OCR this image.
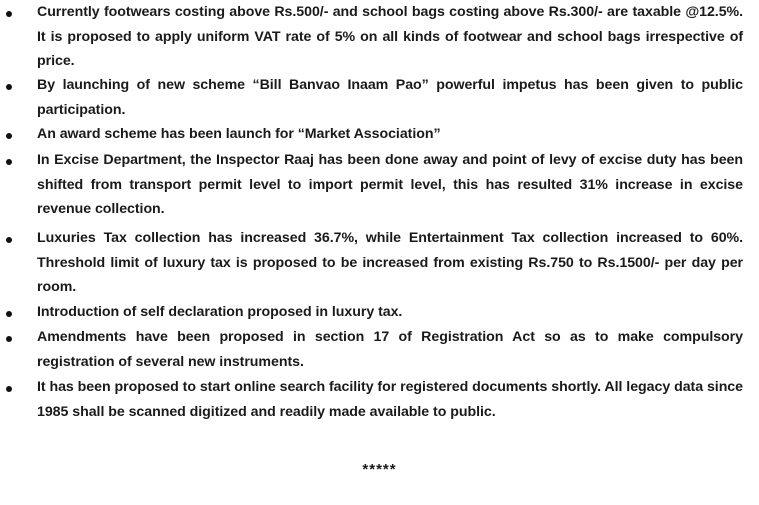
Currently footwears costing above Rs.500/- and school bags costing above Rs.300/- are taxable @12.5%. It is proposed to apply uniform VAT rate of 5% on all kinds of footwear and school bags irrespective of price.
By launching of new scheme “Bill Banvao Inaam Pao” powerful impetus has been given to public participation.
An award scheme has been launch for “Market Association”
In Excise Department, the Inspector Raaj has been done away and point of levy of excise duty has been shifted from transport permit level to import permit level, this has resulted 31% increase in excise revenue collection.
Luxuries Tax collection has increased 36.7%, while Entertainment Tax collection increased to 60%. Threshold limit of luxury tax is proposed to be increased from existing Rs.750 to Rs.1500/- per day per room.
Introduction of self declaration proposed in luxury tax.
Amendments have been proposed in section 17 of Registration Act so as to make compulsory registration of several new instruments.
It has been proposed to start online search facility for registered documents shortly. All legacy data since 1985 shall be scanned digitized and readily made available to public.
*****
